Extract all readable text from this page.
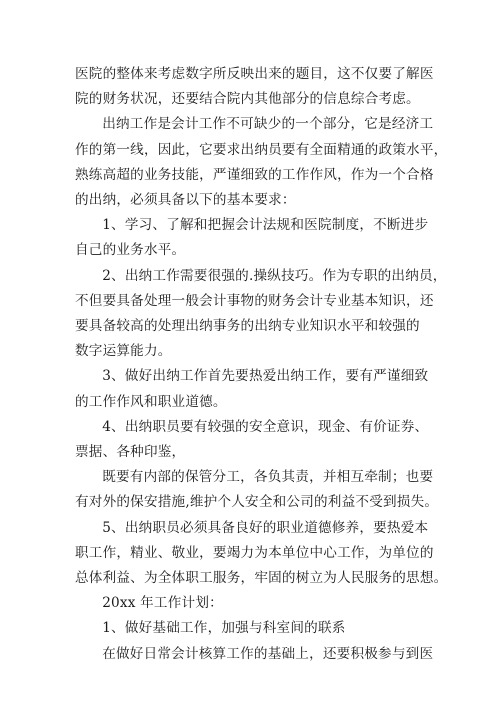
医院的整体来考虑数字所反映出来的题目，这不仅要了解医
院的财务状况，还要结合院内其他部分的信息综合考虑。

出纳工作是会计工作不可缺少的一个部分，它是经济工
作的第一线，因此，它要求出纳员要有全面精通的政策水平，
熟练高超的业务技能，严谨细致的工作作风，作为一个合格
的出纳，必须具备以下的基本要求：

1、学习、了解和把握会计法规和医院制度，不断进步
自己的业务水平。

2、出纳工作需要很强的.操纵技巧。作为专职的出纳员，
不但要具备处理一般会计事物的财务会计专业基本知识，还
要具备较高的处理出纳事务的出纳专业知识水平和较强的
数字运算能力。

3、做好出纳工作首先要热爱出纳工作，要有严谨细致
的工作作风和职业道德。

4、出纳职员要有较强的安全意识，现金、有价证券、
票据、各种印鉴，

既要有内部的保管分工，各负其责，并相互牵制；也要
有对外的保安措施,维护个人安全和公司的利益不受到损失。

5、出纳职员必须具备良好的职业道德修养，要热爱本
职工作，精业、敬业，要竭力为本单位中心工作，为单位的
总体利益、为全体职工服务，牢固的树立为人民服务的思想。

20xx 年工作计划：

1、做好基础工作，加强与科室间的联系

在做好日常会计核算工作的基础上，还要积极参与到医
